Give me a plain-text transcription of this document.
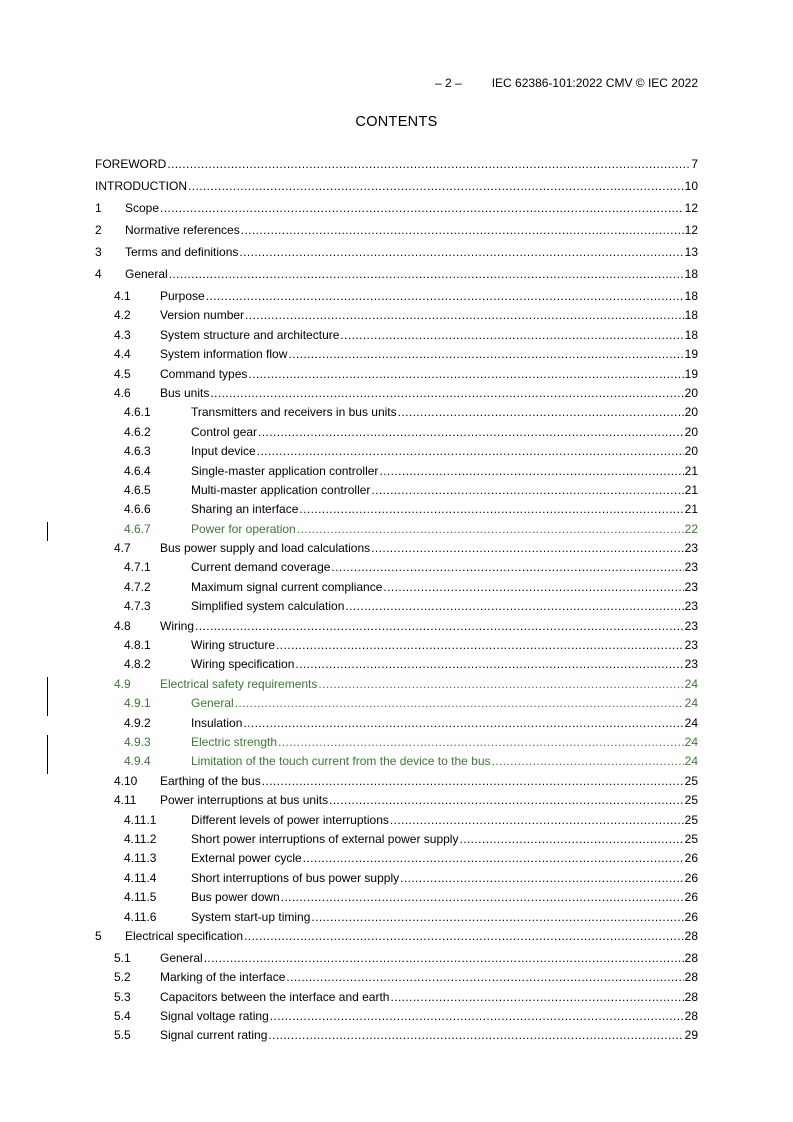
– 2 –	IEC 62386-101:2022 CMV © IEC 2022
CONTENTS
FOREWORD .....	7
INTRODUCTION .....	10
1	Scope .....	12
2	Normative references .....	12
3	Terms and definitions .....	13
4	General .....	18
4.1	Purpose .....	18
4.2	Version number .....	18
4.3	System structure and architecture .....	18
4.4	System information flow .....	19
4.5	Command types .....	19
4.6	Bus units .....	20
4.6.1	Transmitters and receivers in bus units .....	20
4.6.2	Control gear .....	20
4.6.3	Input device .....	20
4.6.4	Single-master application controller .....	21
4.6.5	Multi-master application controller .....	21
4.6.6	Sharing an interface .....	21
4.6.7	Power for operation .....	22
4.7	Bus power supply and load calculations .....	23
4.7.1	Current demand coverage .....	23
4.7.2	Maximum signal current compliance .....	23
4.7.3	Simplified system calculation .....	23
4.8	Wiring .....	23
4.8.1	Wiring structure .....	23
4.8.2	Wiring specification .....	23
4.9	Electrical safety requirements .....	24
4.9.1	General .....	24
4.9.2	Insulation .....	24
4.9.3	Electric strength .....	24
4.9.4	Limitation of the touch current from the device to the bus .....	24
4.10	Earthing of the bus .....	25
4.11	Power interruptions at bus units .....	25
4.11.1	Different levels of power interruptions .....	25
4.11.2	Short power interruptions of external power supply .....	25
4.11.3	External power cycle .....	26
4.11.4	Short interruptions of bus power supply .....	26
4.11.5	Bus power down .....	26
4.11.6	System start-up timing .....	26
5	Electrical specification .....	28
5.1	General .....	28
5.2	Marking of the interface .....	28
5.3	Capacitors between the interface and earth .....	28
5.4	Signal voltage rating .....	28
5.5	Signal current rating .....	29
